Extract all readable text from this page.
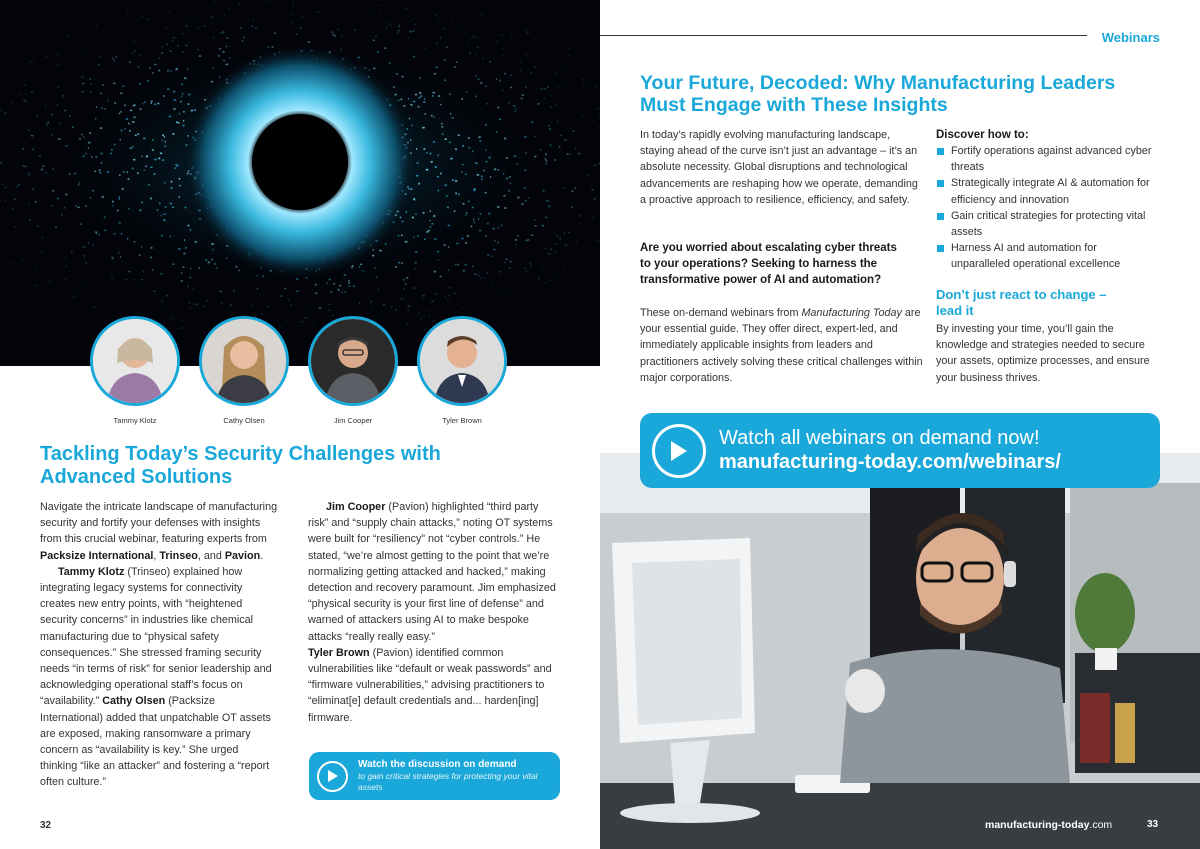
Tammy Klotz	Cathy Olsen	Jim Cooper	Tyler Brown
Tackling Today’s Security Challenges with Advanced Solutions
Navigate the intricate landscape of manufacturing security and fortify your defenses with insights from this crucial webinar, featuring experts from Packsize International, Trinseo, and Pavion.
Tammy Klotz (Trinseo) explained how integrating legacy systems for connectivity creates new entry points, with “heightened security concerns” in industries like chemical manufacturing due to “physical safety consequences.” She stressed framing security needs “in terms of risk” for senior leadership and acknowledging operational staff’s focus on “availability.” Cathy Olsen (Packsize International) added that unpatchable OT assets are exposed, making ransomware a primary concern as “availability is key.” She urged thinking “like an attacker” and fostering a “report often culture.”
Jim Cooper (Pavion) highlighted “third party risk” and “supply chain attacks,” noting OT systems were built for “resiliency” not “cyber controls.” He stated, “we’re almost getting to the point that we’re normalizing getting attacked and hacked,” making detection and recovery paramount. Jim emphasized “physical security is your first line of defense” and warned of attackers using AI to make bespoke attacks “really really easy.”
Tyler Brown (Pavion) identified common vulnerabilities like “default or weak passwords” and “firmware vulnerabilities,” advising practitioners to “eliminat[e] default credentials and... harden[ing] firmware.
Watch the discussion on demand
to gain critical strategies for protecting your vital assets
32
Webinars
Your Future, Decoded: Why Manufacturing Leaders Must Engage with These Insights

In today’s rapidly evolving manufacturing landscape, staying ahead of the curve isn’t just an advantage – it’s an absolute necessity. Global disruptions and technological advancements are reshaping how we operate, demanding a proactive approach to resilience, efficiency, and safety.

Are you worried about escalating cyber threats to your operations? Seeking to harness the transformative power of AI and automation?

These on-demand webinars from Manufacturing Today are your essential guide. They offer direct, expert-led, and immediately applicable insights from leaders and practitioners actively solving these critical challenges within major corporations.

Discover how to:
Fortify operations against advanced cyber threats
Strategically integrate AI & automation for efficiency and innovation
Gain critical strategies for protecting vital assets
Harness AI and automation for unparalleled operational excellence
Don’t just react to change – lead it

By investing your time, you’ll gain the knowledge and strategies needed to secure your assets, optimize processes, and ensure your business thrives.

Watch all webinars on demand now!
manufacturing-today.com/webinars/
manufacturing-today.com	33
